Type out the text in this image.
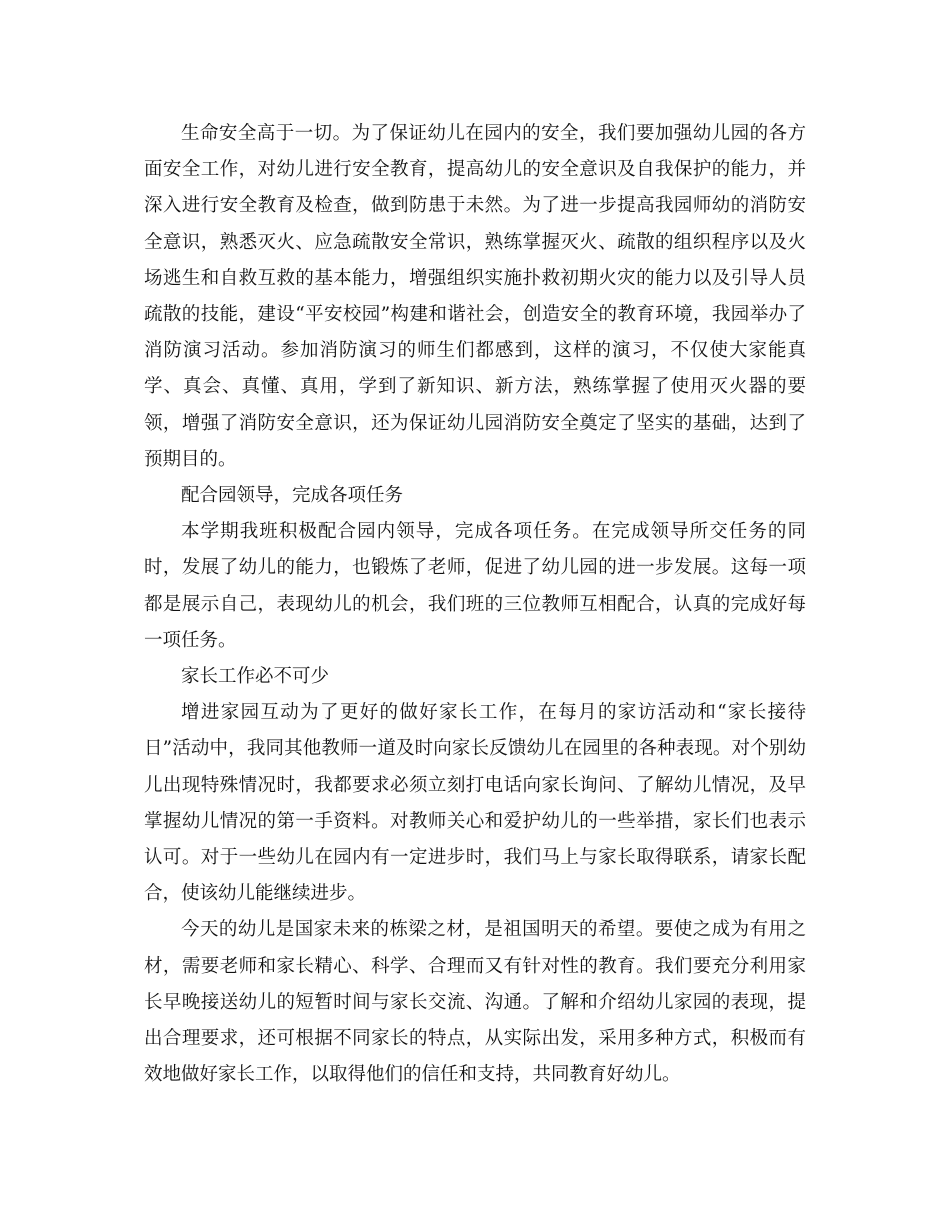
生命安全高于一切。为了保证幼儿在园内的安全，我们要加强幼儿园的各方面安全工作，对幼儿进行安全教育，提高幼儿的安全意识及自我保护的能力，并深入进行安全教育及检查，做到防患于未然。为了进一步提高我园师幼的消防安全意识，熟悉灭火、应急疏散安全常识，熟练掌握灭火、疏散的组织程序以及火场逃生和自救互救的基本能力，增强组织实施扑救初期火灾的能力以及引导人员疏散的技能，建设“平安校园”构建和谐社会，创造安全的教育环境，我园举办了消防演习活动。参加消防演习的师生们都感到，这样的演习，不仅使大家能真学、真会、真懂、真用，学到了新知识、新方法，熟练掌握了使用灭火器的要领，增强了消防安全意识，还为保证幼儿园消防安全奠定了坚实的基础，达到了预期目的。

配合园领导，完成各项任务

本学期我班积极配合园内领导，完成各项任务。在完成领导所交任务的同时，发展了幼儿的能力，也锻炼了老师，促进了幼儿园的进一步发展。这每一项都是展示自己，表现幼儿的机会，我们班的三位教师互相配合，认真的完成好每一项任务。

家长工作必不可少

增进家园互动为了更好的做好家长工作，在每月的家访活动和“家长接待日”活动中，我同其他教师一道及时向家长反馈幼儿在园里的各种表现。对个别幼儿出现特殊情况时，我都要求必须立刻打电话向家长询问、了解幼儿情况，及早掌握幼儿情况的第一手资料。对教师关心和爱护幼儿的一些举措，家长们也表示认可。对于一些幼儿在园内有一定进步时，我们马上与家长取得联系，请家长配合，使该幼儿能继续进步。

今天的幼儿是国家未来的栋梁之材，是祖国明天的希望。要使之成为有用之材，需要老师和家长精心、科学、合理而又有针对性的教育。我们要充分利用家长早晚接送幼儿的短暂时间与家长交流、沟通。了解和介绍幼儿家园的表现，提出合理要求，还可根据不同家长的特点，从实际出发，采用多种方式，积极而有效地做好家长工作，以取得他们的信任和支持，共同教育好幼儿。
